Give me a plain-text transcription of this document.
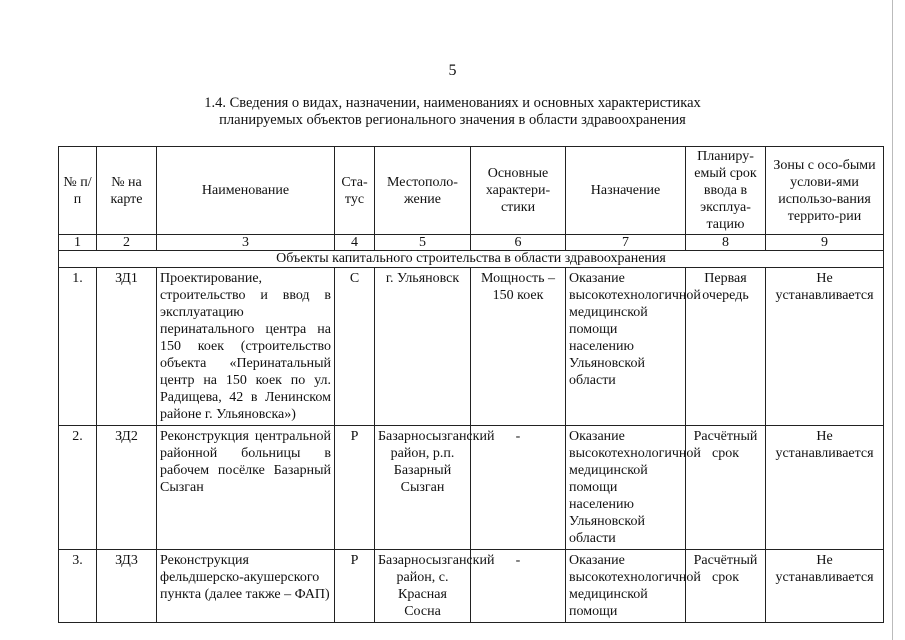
5
1.4. Сведения о видах, назначении, наименованиях и основных характеристиках
планируемых объектов регионального значения в области здравоохранения
№ п/п	№ на карте	Наименование	Ста-тус	Местополо-жение	Основные характери-стики	Назначение	Планиру-емый срок ввода в эксплуа-тацию	Зоны с осо-быми услови-ями использо-вания террито-рии
1	2	3	4	5	6	7	8	9
Объекты капитального строительства в области здравоохранения								
1.	ЗД1	Проектирование, строительство и ввод в эксплуатацию перинатального центра на 150 коек (строительство объекта «Перинатальный центр на 150 коек по ул. Радищева, 42 в Ленинском районе г. Ульяновска»)	С	г. Ульяновск	Мощность – 150 коек	Оказание высокотехнологичной медицинской помощи населению Ульяновской области	Первая очередь	Не устанавливается
2.	ЗД2	Реконструкция центральной районной больницы в рабочем посёлке Базарный Сызган	Р	Базарносызганский район, р.п. Базарный Сызган	-	Оказание высокотехнологичной медицинской помощи населению Ульяновской области	Расчётный срок	Не устанавливается
3.	ЗД3	Реконструкция фельдшерско-акушерского пункта (далее также – ФАП)	Р	Базарносызганский район, с. Красная Сосна	-	Оказание высокотехнологичной медицинской помощи	Расчётный срок	Не устанавливается
